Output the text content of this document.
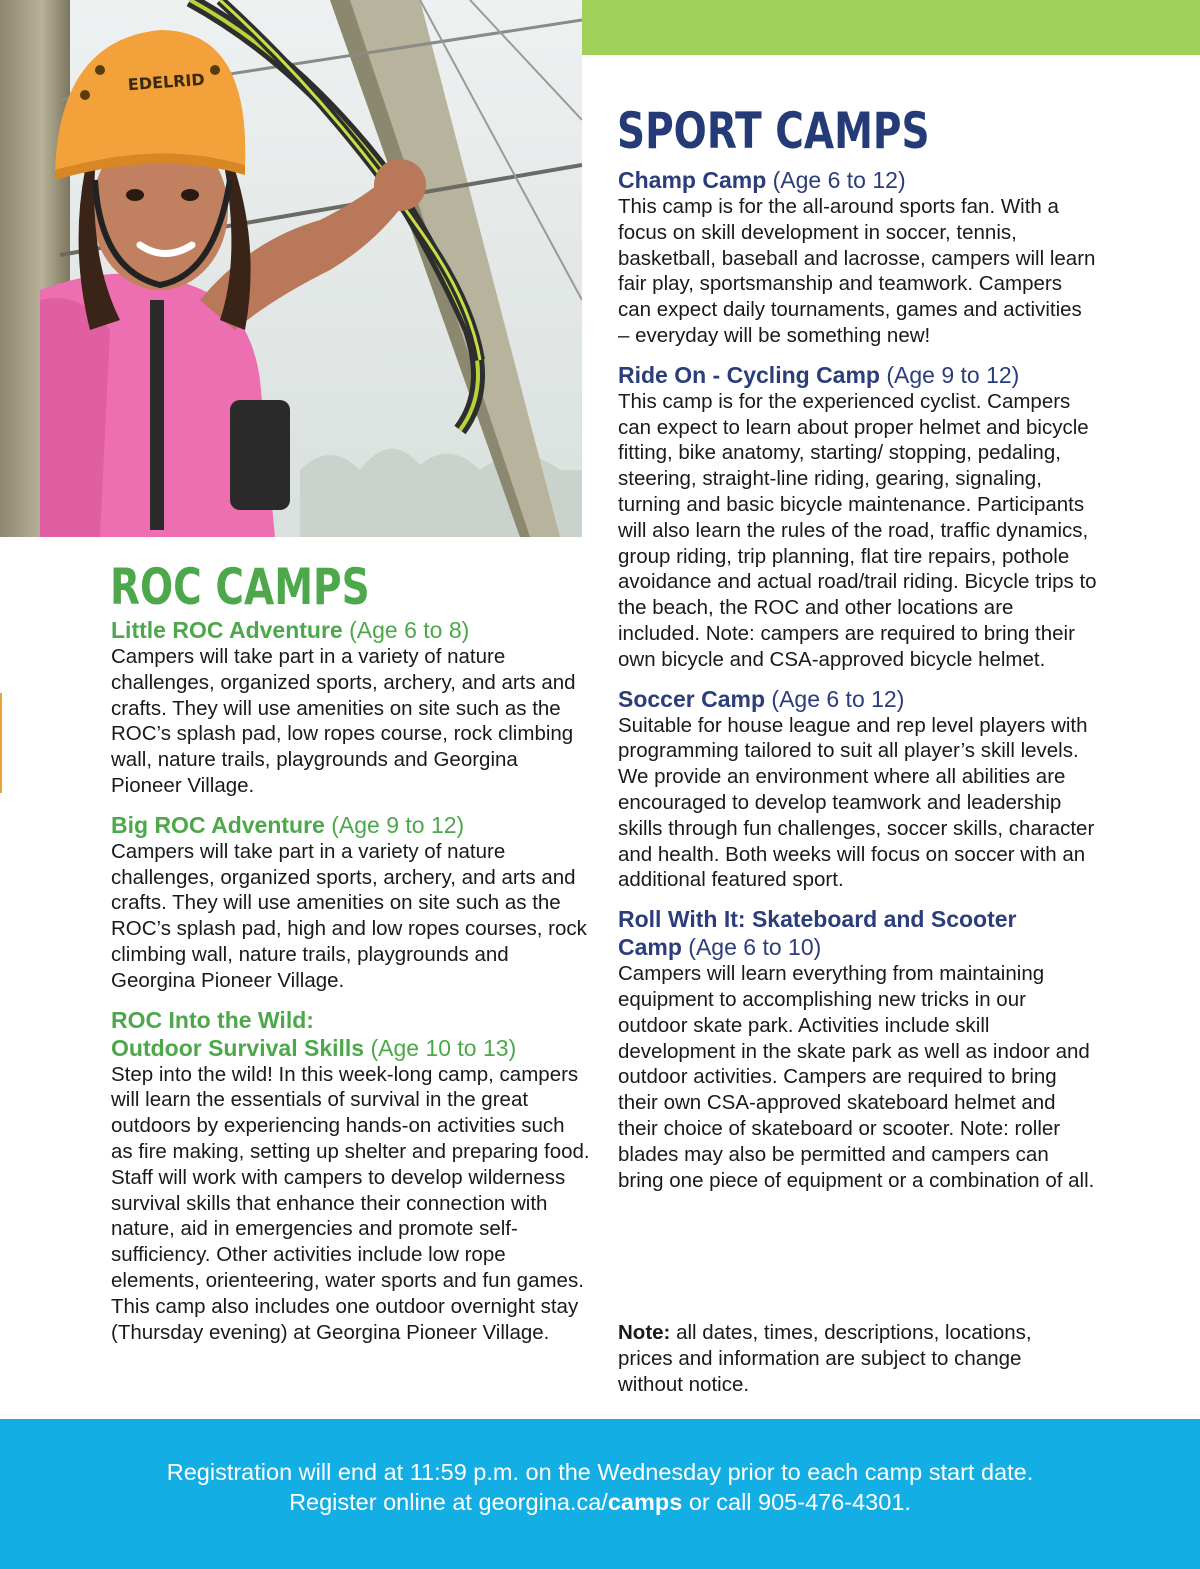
EDELRID
SPORT CAMPS
ROC CAMPS

Little ROC Adventure (Age 6 to 8)

Campers will take part in a variety of nature challenges, organized sports, archery, and arts and crafts. They will use amenities on site such as the ROC’s splash pad, low ropes course, rock climbing wall, nature trails, playgrounds and Georgina Pioneer Village.

Big ROC Adventure (Age 9 to 12)

Campers will take part in a variety of nature challenges, organized sports, archery, and arts and crafts. They will use amenities on site such as the ROC’s splash pad, high and low ropes courses, rock climbing wall, nature trails, playgrounds and Georgina Pioneer Village.

ROC Into the Wild:
Outdoor Survival Skills (Age 10 to 13)

Step into the wild! In this week-long camp, campers will learn the essentials of survival in the great outdoors by experiencing hands-on activities such as fire making, setting up shelter and preparing food. Staff will work with campers to develop wilderness survival skills that enhance their connection with nature, aid in emergencies and promote self-sufficiency. Other activities include low rope elements, orienteering, water sports and fun games. This camp also includes one outdoor overnight stay (Thursday evening) at Georgina Pioneer Village.

Champ Camp (Age 6 to 12)

This camp is for the all-around sports fan. With a focus on skill development in soccer, tennis, basketball, baseball and lacrosse, campers will learn fair play, sportsmanship and teamwork. Campers can expect daily tournaments, games and activities – everyday will be something new!

Ride On - Cycling Camp (Age 9 to 12)

This camp is for the experienced cyclist. Campers can expect to learn about proper helmet and bicycle fitting, bike anatomy, starting/ stopping, pedaling, steering, straight-line riding, gearing, signaling, turning and basic bicycle maintenance. Participants will also learn the rules of the road, traffic dynamics, group riding, trip planning, flat tire repairs, pothole avoidance and actual road/trail riding. Bicycle trips to the beach, the ROC and other locations are included. Note: campers are required to bring their own bicycle and CSA-approved bicycle helmet.

Soccer Camp (Age 6 to 12)

Suitable for house league and rep level players with programming tailored to suit all player’s skill levels. We provide an environment where all abilities are encouraged to develop teamwork and leadership skills through fun challenges, soccer skills, character and health. Both weeks will focus on soccer with an additional featured sport.

Roll With It: Skateboard and Scooter
Camp (Age 6 to 10)

Campers will learn everything from maintaining equipment to accomplishing new tricks in our outdoor skate park. Activities include skill development in the skate park as well as indoor and outdoor activities. Campers are required to bring their own CSA-approved skateboard helmet and their choice of skateboard or scooter. Note: roller blades may also be permitted and campers can bring one piece of equipment or a combination of all.

Note: all dates, times, descriptions, locations, prices and information are subject to change without notice.

Registration will end at 11:59 p.m. on the Wednesday prior to each camp start date.

Register online at georgina.ca/camps or call 905-476-4301.
